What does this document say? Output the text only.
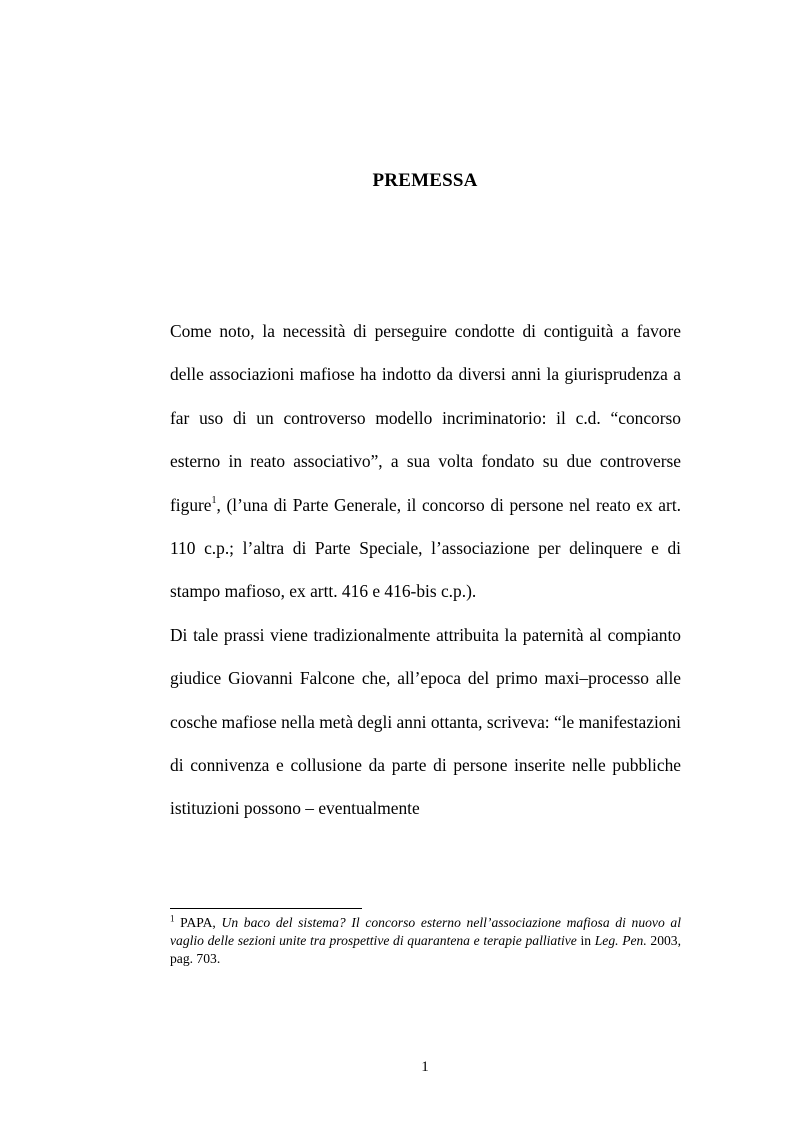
PREMESSA

Come noto, la necessità di perseguire condotte di contiguità a favore delle associazioni mafiose ha indotto da diversi anni la giurisprudenza a far uso di un controverso modello incriminatorio: il c.d. “concorso esterno in reato associativo”, a sua volta fondato su due controverse figure$^1$, (l’una di Parte Generale, il concorso di persone nel reato ex art. 110 c.p.; l’altra di Parte Speciale, l’associazione per delinquere e di stampo mafioso, ex artt. 416 e 416-bis c.p.).

Di tale prassi viene tradizionalmente attribuita la paternità al compianto giudice Giovanni Falcone che, all’epoca del primo maxi–processo alle cosche mafiose nella metà degli anni ottanta, scriveva: “le manifestazioni di connivenza e collusione da parte di persone inserite nelle pubbliche istituzioni possono – eventualmente

$^1$ PAPA, Un baco del sistema? Il concorso esterno nell’associazione mafiosa di nuovo al vaglio delle sezioni unite tra prospettive di quarantena e terapie palliative in Leg. Pen. 2003, pag. 703.
1
